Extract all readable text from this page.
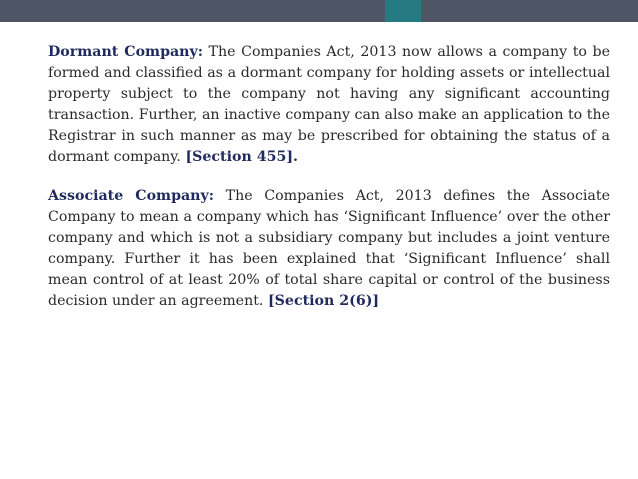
Dormant Company: The Companies Act, 2013 now allows a company to be formed and classified as a dormant company for holding assets or intellectual property subject to the company not having any significant accounting transaction. Further, an inactive company can also make an application to the Registrar in such manner as may be prescribed for obtaining the status of a dormant company. [Section 455].

Associate Company: The Companies Act, 2013 defines the Associate Company to mean a company which has ‘Significant Influence’ over the other company and which is not a subsidiary company but includes a joint venture company. Further it has been explained that ‘Significant Influence’ shall mean control of at least 20% of total share capital or control of the business decision under an agreement. [Section 2(6)]
